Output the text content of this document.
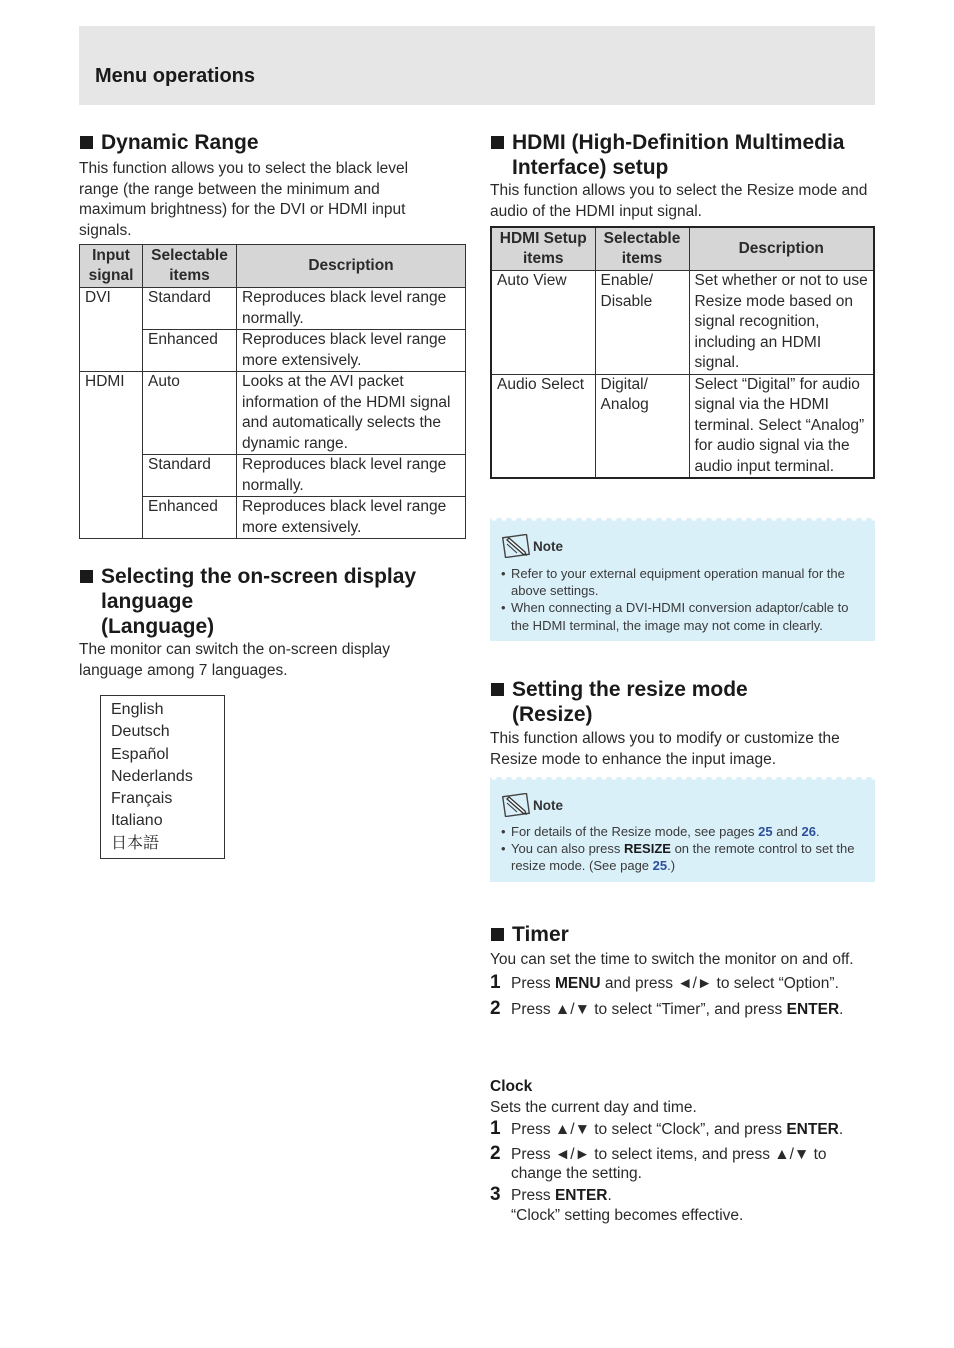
Menu operations
Dynamic Range

This function allows you to select the black level range (the range between the minimum and maximum brightness) for the DVI or HDMI input signals.

Input signal	Selectable items	Description
DVI	Standard	Reproduces black level range normally.
	Enhanced	Reproduces black level range more extensively.
HDMI	Auto	Looks at the AVI packet information of the HDMI signal and automatically selects the dynamic range.
	Standard	Reproduces black level range normally.
	Enhanced	Reproduces black level range more extensively.
Selecting the on-screen display
language
(Language)

The monitor can switch the on-screen display language among 7 languages.

English
Deutsch
Español
Nederlands
Français
Italiano
日本語
HDMI (High-Definition Multimedia
Interface) setup

This function allows you to select the Resize mode and audio of the HDMI input signal.

HDMI Setup items	Selectable items	Description
Auto View	Enable/ Disable	Set whether or not to use Resize mode based on signal recognition, including an HDMI signal.
Audio Select	Digital/ Analog	Select “Digital” for audio signal via the HDMI terminal. Select “Analog” for audio signal via the audio input terminal.
Note
• Refer to your external equipment operation manual for the above settings.
• When connecting a DVI-HDMI conversion adaptor/cable to the HDMI terminal, the image may not come in clearly.
Setting the resize mode
(Resize)

This function allows you to modify or customize the Resize mode to enhance the input image.

Note
• For details of the Resize mode, see pages 25 and 26.
• You can also press RESIZE on the remote control to set the resize mode. (See page 25.)
Timer

You can set the time to switch the monitor on and off.

1 Press MENU and press ◄/► to select “Option”.
2 Press ▲/▼ to select “Timer”, and press ENTER.
Clock

Sets the current day and time.

1 Press ▲/▼ to select “Clock”, and press ENTER.
2 Press ◄/► to select items, and press ▲/▼ to change the setting.
3 Press ENTER.
“Clock” setting becomes effective.
